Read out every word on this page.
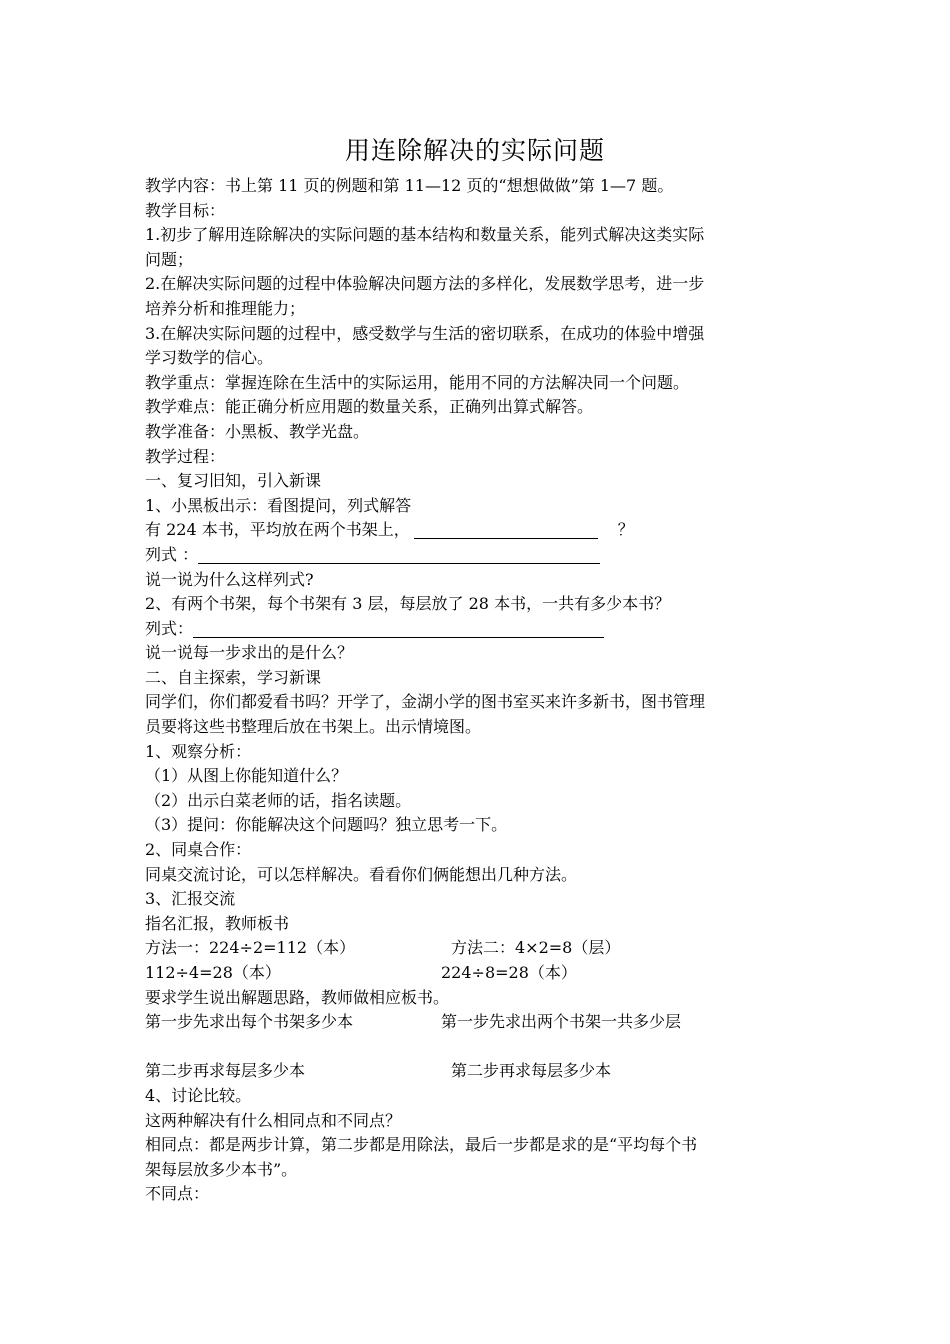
用连除解决的实际问题
教学内容：书上第 11 页的例题和第 11—12 页的“想想做做”第 1—7 题。
教学目标：
1.初步了解用连除解决的实际问题的基本结构和数量关系，能列式解决这类实际
问题；
2.在解决实际问题的过程中体验解决问题方法的多样化，发展数学思考，进一步
培养分析和推理能力；
3.在解决实际问题的过程中，感受数学与生活的密切联系，在成功的体验中增强
学习数学的信心。
教学重点：掌握连除在生活中的实际运用，能用不同的方法解决同一个问题。
教学难点：能正确分析应用题的数量关系，正确列出算式解答。
教学准备：小黑板、教学光盘。
教学过程：
一、复习旧知，引入新课
1、小黑板出示：看图提问，列式解答
有 224 本书，平均放在两个书架上，	？
列式 ：
说一说为什么这样列式?
2、有两个书架，每个书架有 3 层，每层放了 28 本书，一共有多少本书？
列式：
说一说每一步求出的是什么？
二、自主探索，学习新课
同学们，你们都爱看书吗？开学了，金湖小学的图书室买来许多新书，图书管理
员要将这些书整理后放在书架上。出示情境图。
1、观察分析：
（1）从图上你能知道什么？
（2）出示白菜老师的话，指名读题。
（3）提问：你能解决这个问题吗？独立思考一下。
2、同桌合作：
同桌交流讨论，可以怎样解决。看看你们俩能想出几种方法。
3、汇报交流
指名汇报，教师板书
方法一：224÷2=112（本）	方法二：4×2=8（层）
112÷4=28（本）	224÷8=28（本）
要求学生说出解题思路，教师做相应板书。
第一步先求出每个书架多少本	第一步先求出两个书架一共多少层
第二步再求每层多少本	第二步再求每层多少本
4、讨论比较。
这两种解决有什么相同点和不同点？
相同点：都是两步计算，第二步都是用除法，最后一步都是求的是“平均每个书
架每层放多少本书”。
不同点：
